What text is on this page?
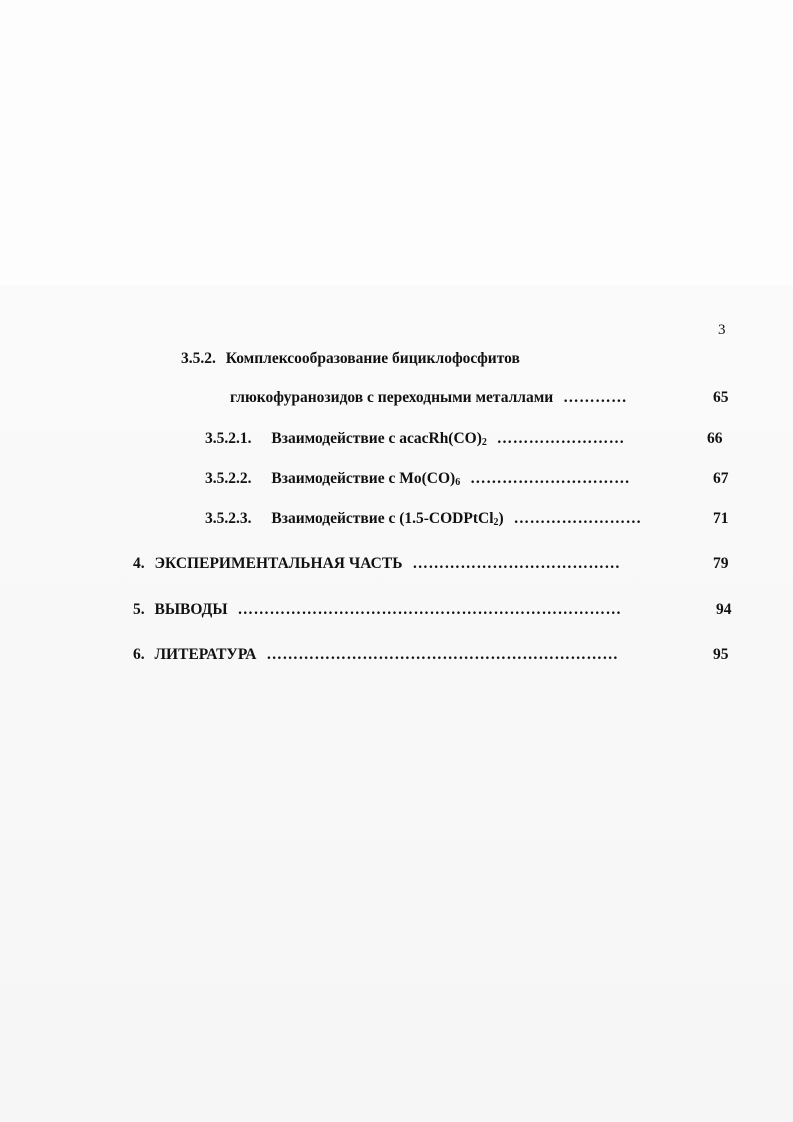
3
3.5.2. Комплексообразование бициклофосфитов
глюкофуранозидов с переходными металлами …………	65
3.5.2.1. Взаимодействие с $acacRh(CO)_2$ ……………………	66
3.5.2.2. Взаимодействие с $Mo(CO)_6$ …………………………	67
3.5.2.3. Взаимодействие с (1.5-CODPtCl$_2$) ……………………	71
4. ЭКСПЕРИМЕНТАЛЬНАЯ ЧАСТЬ …………………………………	79
5. ВЫВОДЫ ………………………………………………………………	94
6. ЛИТЕРАТУРА …………………………………………………………	95
